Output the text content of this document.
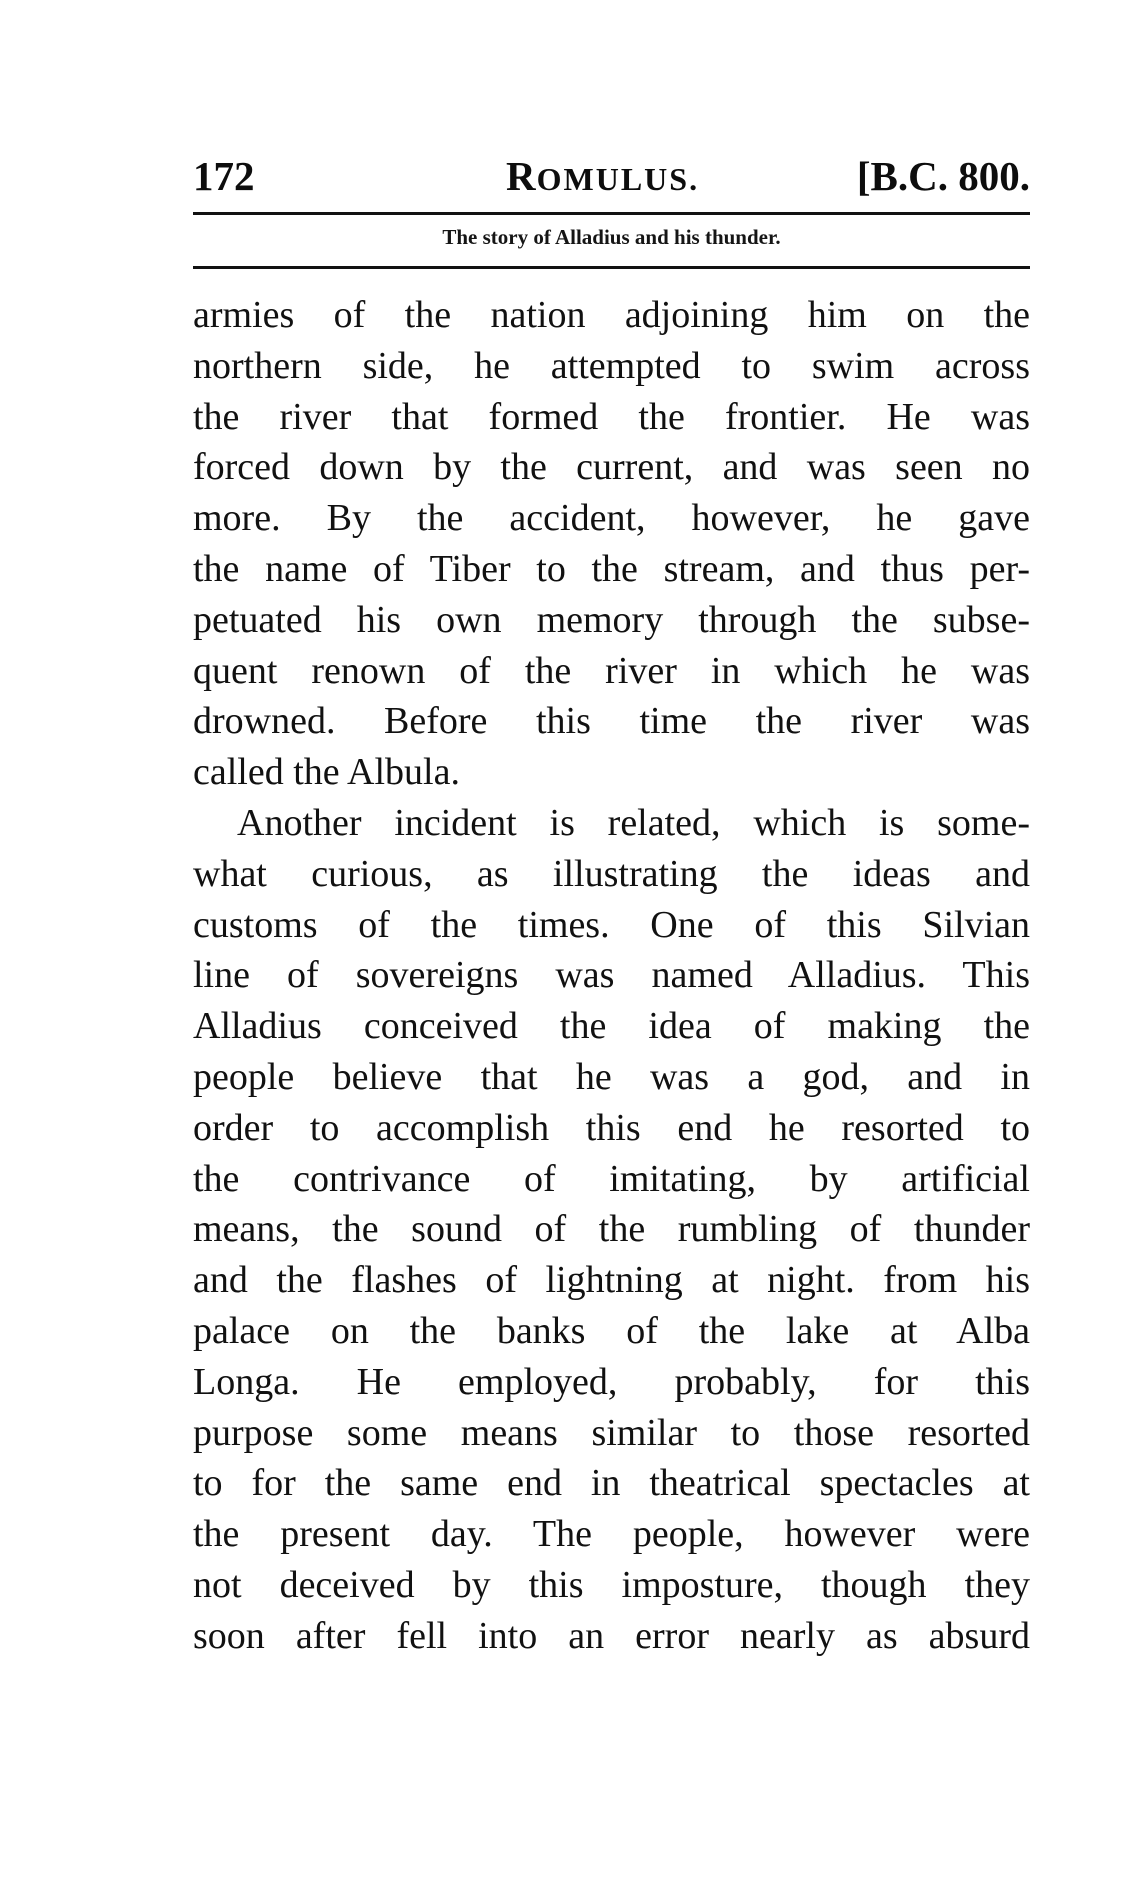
172	ROMULUS.	[B.C. 800.
The story of Alladius and his thunder.
armies of the nation adjoining him on the
northern side, he attempted to swim across
the river that formed the frontier. He was
forced down by the current, and was seen no
more. By the accident, however, he gave
the name of Tiber to the stream, and thus per-
petuated his own memory through the subse-
quent renown of the river in which he was
drowned. Before this time the river was
called the Albula.
Another incident is related, which is some-
what curious, as illustrating the ideas and
customs of the times. One of this Silvian
line of sovereigns was named Alladius. This
Alladius conceived the idea of making the
people believe that he was a god, and in
order to accomplish this end he resorted to
the contrivance of imitating, by artificial
means, the sound of the rumbling of thunder
and the flashes of lightning at night. from his
palace on the banks of the lake at Alba
Longa. He employed, probably, for this
purpose some means similar to those resorted
to for the same end in theatrical spectacles at
the present day. The people, however were
not deceived by this imposture, though they
soon after fell into an error nearly as absurd
